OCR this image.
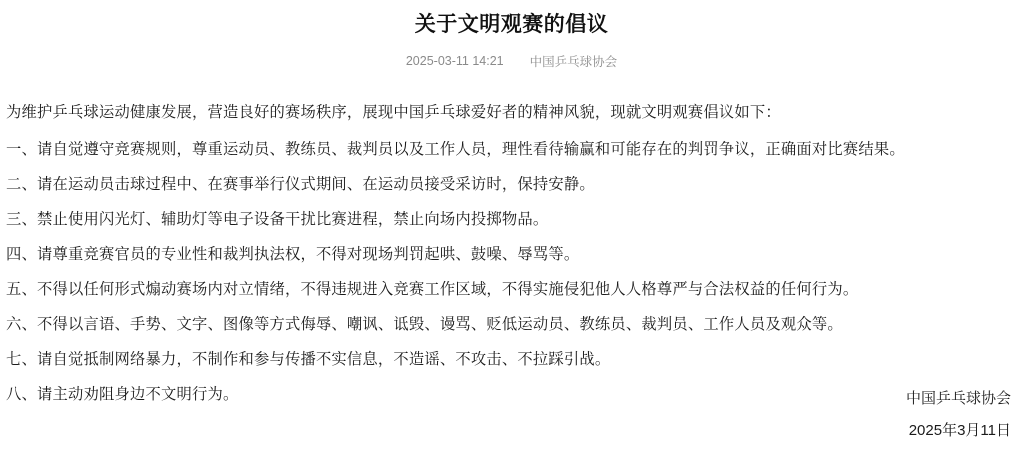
关于文明观赛的倡议
2025-03-11 14:21 中国乒乓球协会

为维护乒乓球运动健康发展，营造良好的赛场秩序，展现中国乒乓球爱好者的精神风貌，现就文明观赛倡议如下：

一、请自觉遵守竞赛规则，尊重运动员、教练员、裁判员以及工作人员，理性看待输赢和可能存在的判罚争议，正确面对比赛结果。

二、请在运动员击球过程中、在赛事举行仪式期间、在运动员接受采访时，保持安静。

三、禁止使用闪光灯、辅助灯等电子设备干扰比赛进程，禁止向场内投掷物品。

四、请尊重竞赛官员的专业性和裁判执法权，不得对现场判罚起哄、鼓噪、辱骂等。

五、不得以任何形式煽动赛场内对立情绪，不得违规进入竞赛工作区域，不得实施侵犯他人人格尊严与合法权益的任何行为。

六、不得以言语、手势、文字、图像等方式侮辱、嘲讽、诋毁、谩骂、贬低运动员、教练员、裁判员、工作人员及观众等。

七、请自觉抵制网络暴力，不制作和参与传播不实信息，不造谣、不攻击、不拉踩引战。

八、请主动劝阻身边不文明行为。	中国乒乓球协会
2025年3月11日
